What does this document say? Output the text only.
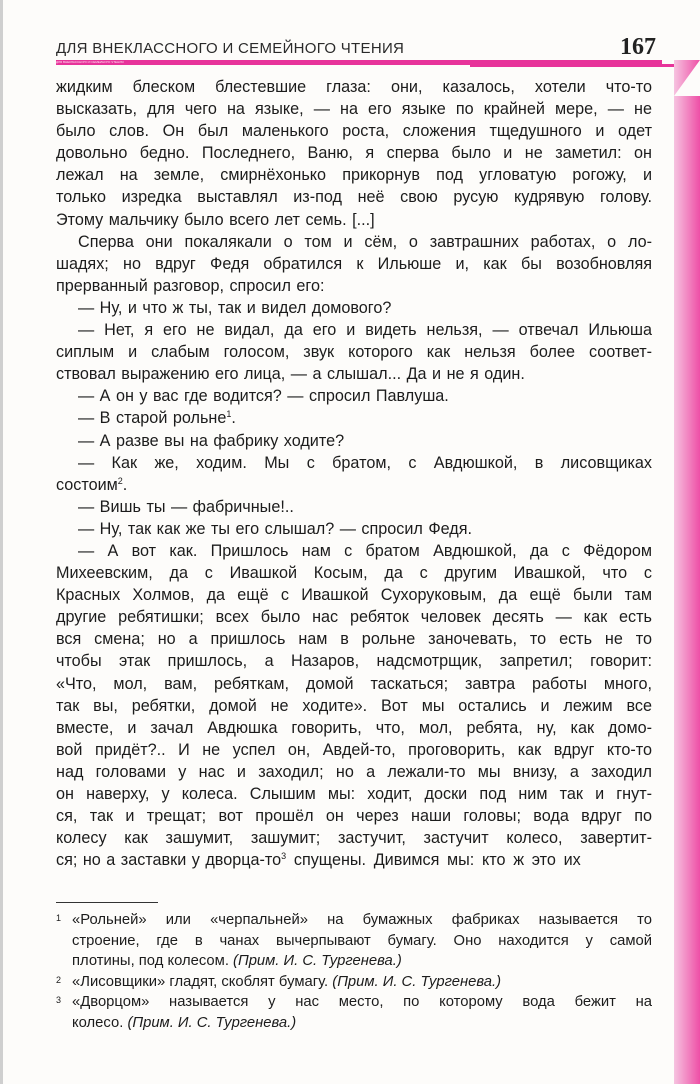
ДЛЯ ВНЕКЛАССНОГО И СЕМЕЙНОГО ЧТЕНИЯ	167
ДЛЯ ВНЕКЛАССНОГО И СЕМЕЙНОГО ЧТЕНИЯ
жидким блеском блестевшие глаза: они, казалось, хотели что-то
высказать, для чего на языке, — на его языке по крайней мере, — не
было слов. Он был маленького роста, сложения тщедушного и одет
довольно бедно. Последнего, Ваню, я сперва было и не заметил: он
лежал на земле, смирнёхонько прикорнув под угловатую рогожу, и
только изредка выставлял из-под неё свою русую кудрявую голову.
Этому мальчику было всего лет семь. [...]
Сперва они покалякали о том и сём, о завтрашних работах, о ло-
шадях; но вдруг Федя обратился к Ильюше и, как бы возобновляя
прерванный разговор, спросил его:
— Ну, и что ж ты, так и видел домового?
— Нет, я его не видал, да его и видеть нельзя, — отвечал Ильюша
сиплым и слабым голосом, звук которого как нельзя более соответ-
ствовал выражению его лица, — а слышал... Да и не я один.
— А он у вас где водится? — спросил Павлуша.
— В старой рольне$^1$.
— А разве вы на фабрику ходите?
— Как же, ходим. Мы с братом, с Авдюшкой, в лисовщиках
состоим$^2$.
— Вишь ты — фабричные!..
— Ну, так как же ты его слышал? — спросил Федя.
— А вот как. Пришлось нам с братом Авдюшкой, да с Фёдором
Михеевским, да с Ивашкой Косым, да с другим Ивашкой, что с
Красных Холмов, да ещё с Ивашкой Сухоруковым, да ещё были там
другие ребятишки; всех было нас ребяток человек десять — как есть
вся смена; но а пришлось нам в рольне заночевать, то есть не то
чтобы этак пришлось, а Назаров, надсмотрщик, запретил; говорит:
«Что, мол, вам, ребяткам, домой таскаться; завтра работы много,
так вы, ребятки, домой не ходите». Вот мы остались и лежим все
вместе, и зачал Авдюшка говорить, что, мол, ребята, ну, как домо-
вой придёт?.. И не успел он, Авдей-то, проговорить, как вдруг кто-то
над головами у нас и заходил; но а лежали-то мы внизу, а заходил
он наверху, у колеса. Слышим мы: ходит, доски под ним так и гнут-
ся, так и трещат; вот прошёл он через наши головы; вода вдруг по
колесу как зашумит, зашумит; застучит, застучит колесо, завертит-
ся; но а заставки у дворца-$то^3$ спущены. Дивимся мы: кто ж это их
1 «Рольней» или «черпальней» на бумажных фабриках называется то
строение, где в чанах вычерпывают бумагу. Оно находится у самой
плотины, под колесом. (Прим. И. С. Тургенева.)
2 «Лисовщики» гладят, скоблят бумагу. (Прим. И. С. Тургенева.)
3 «Дворцом» называется у нас место, по которому вода бежит на
колесо. (Прим. И. С. Тургенева.)
